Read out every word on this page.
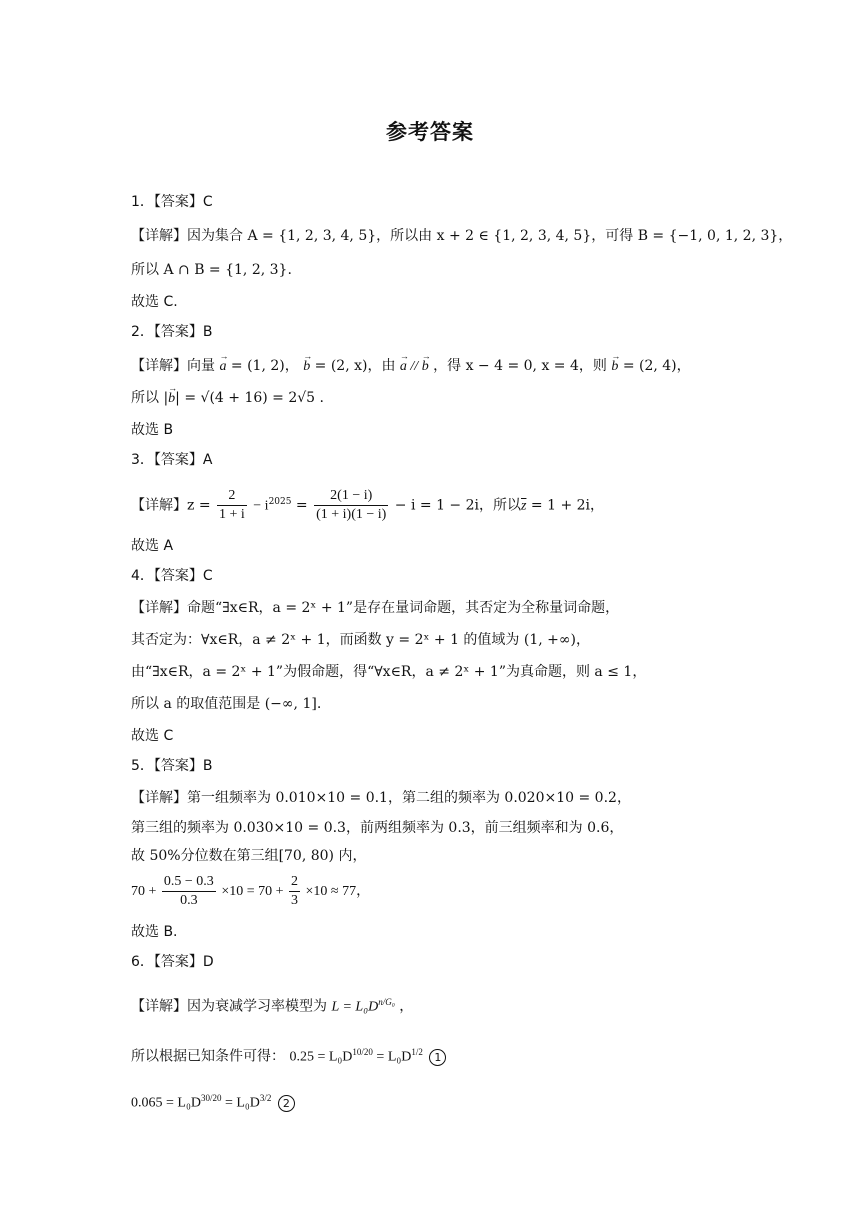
参考答案
1．【答案】C
【详解】因为集合 A = {1, 2, 3, 4, 5}，所以由 x + 2 ∈ {1, 2, 3, 4, 5}，可得 B = {−1, 0, 1, 2, 3}，
所以 A ∩ B = {1, 2, 3}.
故选 C.
2．【答案】B
【详解】向量 → a = (1, 2)， → b = (2, x)，由 → a // → b ，得 x − 4 = 0, x = 4，则 → b = (2, 4)，
所以 |→ b| = √(4 + 16) = 2√5 .
故选 B
3．【答案】A
【详解】$z = \frac{2}{1 + i} - i^{2025} = \frac{2(1 - i)}{(1 + i)(1 - i)} - i = 1 - 2i$，所以$\overline{z} = 1 + 2i$，
故选 A
4．【答案】C
【详解】命题“∃x∈R，a = 2ˣ + 1”是存在量词命题，其否定为全称量词命题，
其否定为：∀x∈R，a ≠ 2ˣ + 1，而函数 y = 2ˣ + 1 的值域为 (1, +∞)，
由“∃x∈R，a = 2ˣ + 1”为假命题，得“∀x∈R，a ≠ 2ˣ + 1”为真命题，则 a ≤ 1，
所以 a 的取值范围是 (−∞, 1].
故选 C
5．【答案】B
【详解】第一组频率为 0.010×10 = 0.1，第二组的频率为 0.020×10 = 0.2，
第三组的频率为 0.030×10 = 0.3，前两组频率为 0.3，前三组频率和为 0.6，
故 50%分位数在第三组[70, 80) 内，
$70 + \frac{0.5 - 0.3}{0.3} \times 10 = 70 + \frac{2}{3} \times 10 \approx 77$，
故选 B.
6．【答案】D
【详解】因为衰减学习率模型为 $L = L_0D^{n/G_0}$ ，
所以根据已知条件可得： $0.25 = L_0D^{10/20} = L_0D^{1/2}$ 1
$0.065 = L_0D^{30/20} = L_0D^{3/2}$ 2
